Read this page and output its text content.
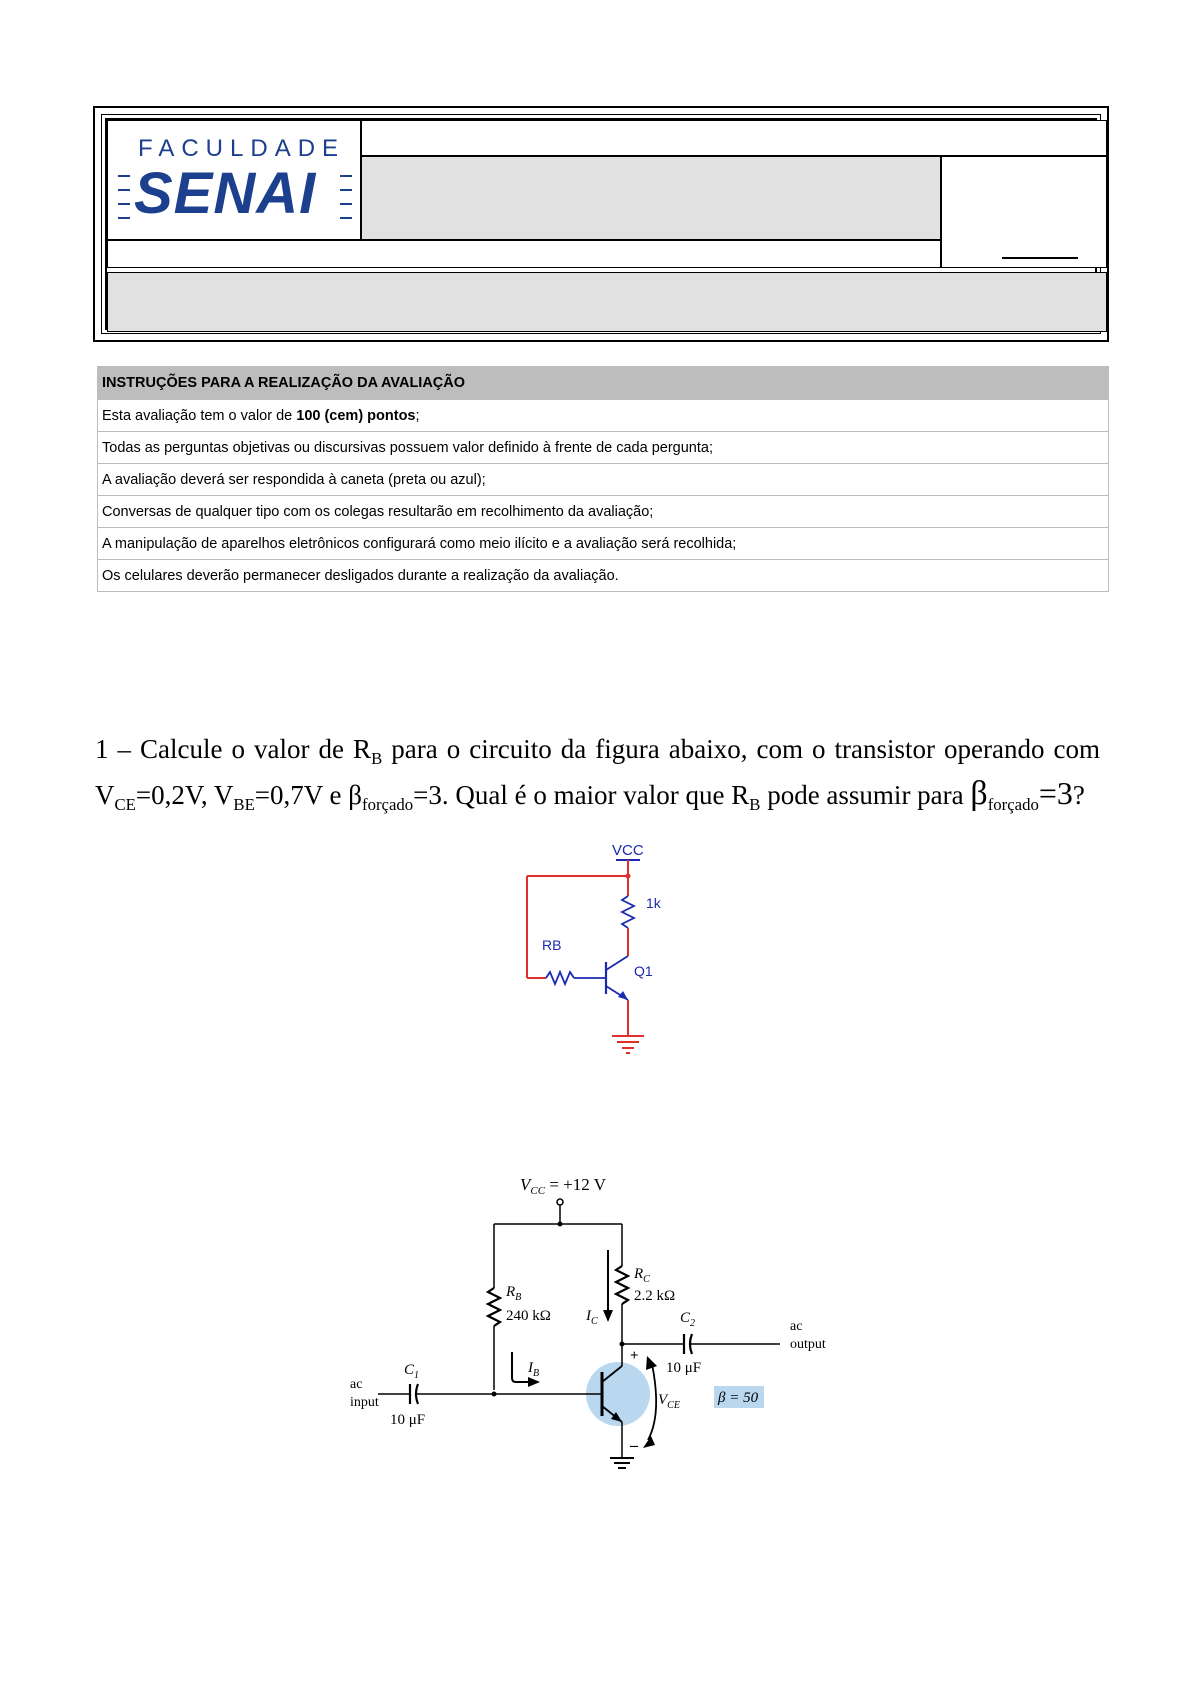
FACULDADE
SENAI
INSTRUÇÕES PARA A REALIZAÇÃO DA AVALIAÇÃO
Esta avaliação tem o valor de 100 (cem) pontos;
Todas as perguntas objetivas ou discursivas possuem valor definido à frente de cada pergunta;
A avaliação deverá ser respondida à caneta (preta ou azul);
Conversas de qualquer tipo com os colegas resultarão em recolhimento da avaliação;
A manipulação de aparelhos eletrônicos configurará como meio ilícito e a avaliação será recolhida;
Os celulares deverão permanecer desligados durante a realização da avaliação.
1 – Calcule o valor de $R_B$ para o circuito da figura abaixo, com o transistor operando com $V_{CE}=0,2V$, $V_{BE}=0,7V$ e $\beta_{forçado}=3$. Qual é o maior valor que $R_B$ pode assumir para $\beta_{forçado}=3$?
VCC
1k
RB
Q1
$V_{CC} = +12$ V
$R_B$
240 kΩ
$R_C$
2.2 kΩ
$I_C$	$C_2$
10 μF
ac
output
$I_B$
$C_1$
10 μF
ac
input
+
–
$V_{CE}$	β = 50
